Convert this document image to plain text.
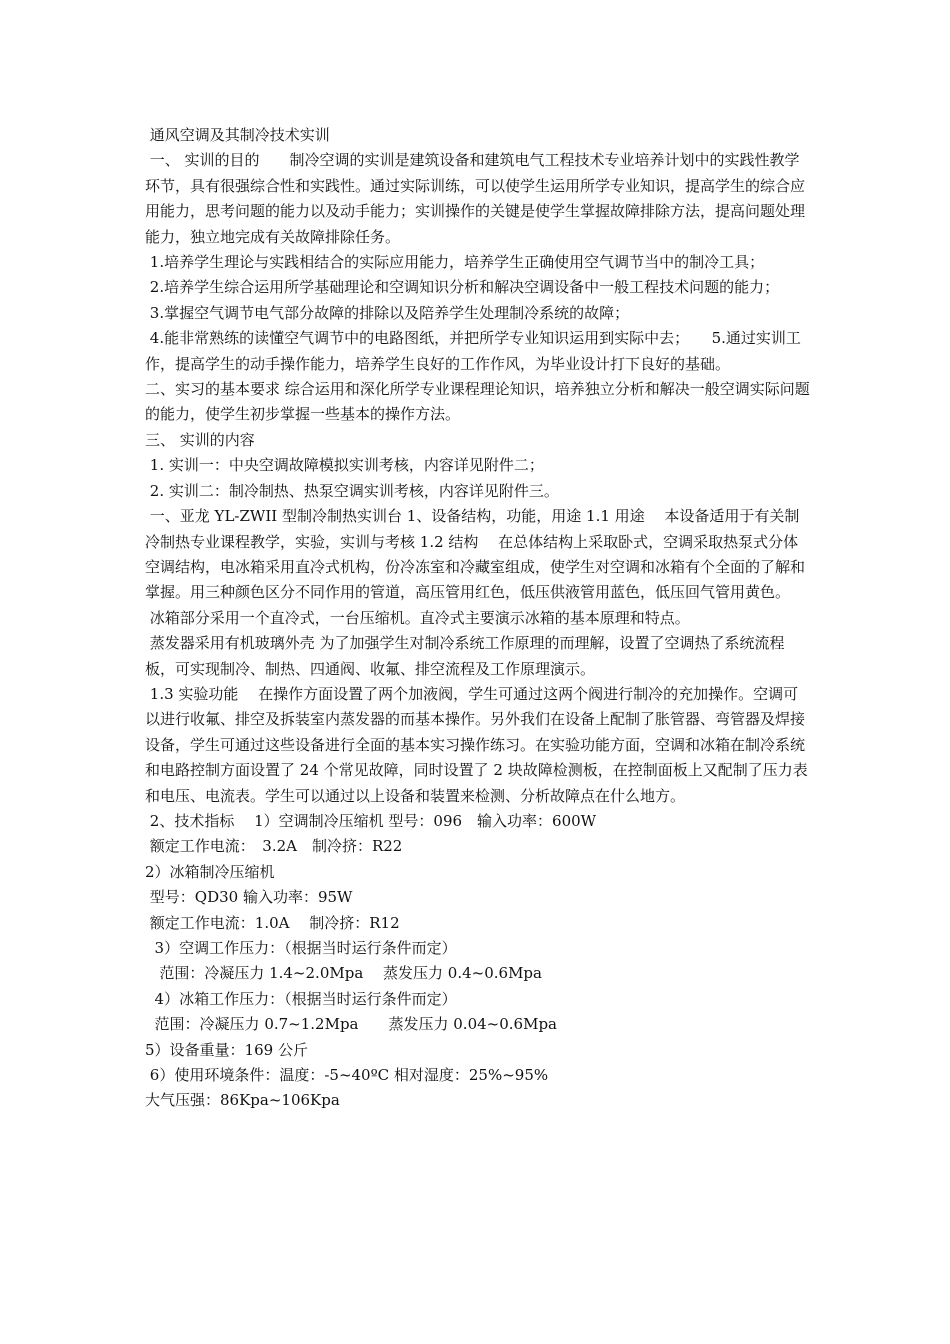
通风空调及其制冷技术实训

一、 实训的目的　　制冷空调的实训是建筑设备和建筑电气工程技术专业培养计划中的实践性教学环节，具有很强综合性和实践性。通过实际训练，可以使学生运用所学专业知识，提高学生的综合应用能力，思考问题的能力以及动手能力；实训操作的关键是使学生掌握故障排除方法，提高问题处理能力，独立地完成有关故障排除任务。

1.培养学生理论与实践相结合的实际应用能力，培养学生正确使用空气调节当中的制冷工具；

2.培养学生综合运用所学基础理论和空调知识分析和解决空调设备中一般工程技术问题的能力；

3.掌握空气调节电气部分故障的排除以及陪养学生处理制冷系统的故障；

4.能非常熟练的读懂空气调节中的电路图纸，并把所学专业知识运用到实际中去；　　5.通过实训工作，提高学生的动手操作能力，培养学生良好的工作作风，为毕业设计打下良好的基础。

二、实习的基本要求 综合运用和深化所学专业课程理论知识，培养独立分析和解决一般空调实际问题的能力，使学生初步掌握一些基本的操作方法。

三、 实训的内容

1. 实训一：中央空调故障模拟实训考核，内容详见附件二；

2. 实训二：制冷制热、热泵空调实训考核，内容详见附件三。

一、亚龙 YL-ZWII 型制冷制热实训台 1、设备结构，功能，用途 1.1 用途　 本设备适用于有关制冷制热专业课程教学，实验，实训与考核 1.2 结构　 在总体结构上采取卧式，空调采取热泵式分体空调结构，电冰箱采用直冷式机构，份冷冻室和冷藏室组成，使学生对空调和冰箱有个全面的了解和掌握。用三种颜色区分不同作用的管道，高压管用红色，低压供液管用蓝色，低压回气管用黄色。

冰箱部分采用一个直冷式，一台压缩机。直冷式主要演示冰箱的基本原理和特点。

蒸发器采用有机玻璃外壳 为了加强学生对制冷系统工作原理的而理解，设置了空调热了系统流程板，可实现制冷、制热、四通阀、收氟、排空流程及工作原理演示。

1.3 实验功能　 在操作方面设置了两个加液阀，学生可通过这两个阀进行制冷的充加操作。空调可以进行收氟、排空及拆装室内蒸发器的而基本操作。另外我们在设备上配制了胀管器、弯管器及焊接设备，学生可通过这些设备进行全面的基本实习操作练习。在实验功能方面，空调和冰箱在制冷系统和电路控制方面设置了 24 个常见故障，同时设置了 2 块故障检测板，在控制面板上又配制了压力表和电压、电流表。学生可以通过以上设备和装置来检测、分析故障点在什么地方。

2、技术指标　 1）空调制冷压缩机 型号：096　输入功率：600W

额定工作电流：　3.2A　制冷挤：R22

2）冰箱制冷压缩机

型号：QD30 输入功率：95W

额定工作电流：1.0A　 制冷挤：R12

3）空调工作压力：（根据当时运行条件而定）

范围：冷凝压力 1.4~2.0Mpa　 蒸发压力 0.4~0.6Mpa

4）冰箱工作压力：（根据当时运行条件而定）

范围：冷凝压力 0.7~1.2Mpa　　蒸发压力 0.04~0.6Mpa

5）设备重量：169 公斤

6）使用环境条件：温度：-5~40ºC 相对湿度：25%~95%

大气压强：86Kpa~106Kpa
